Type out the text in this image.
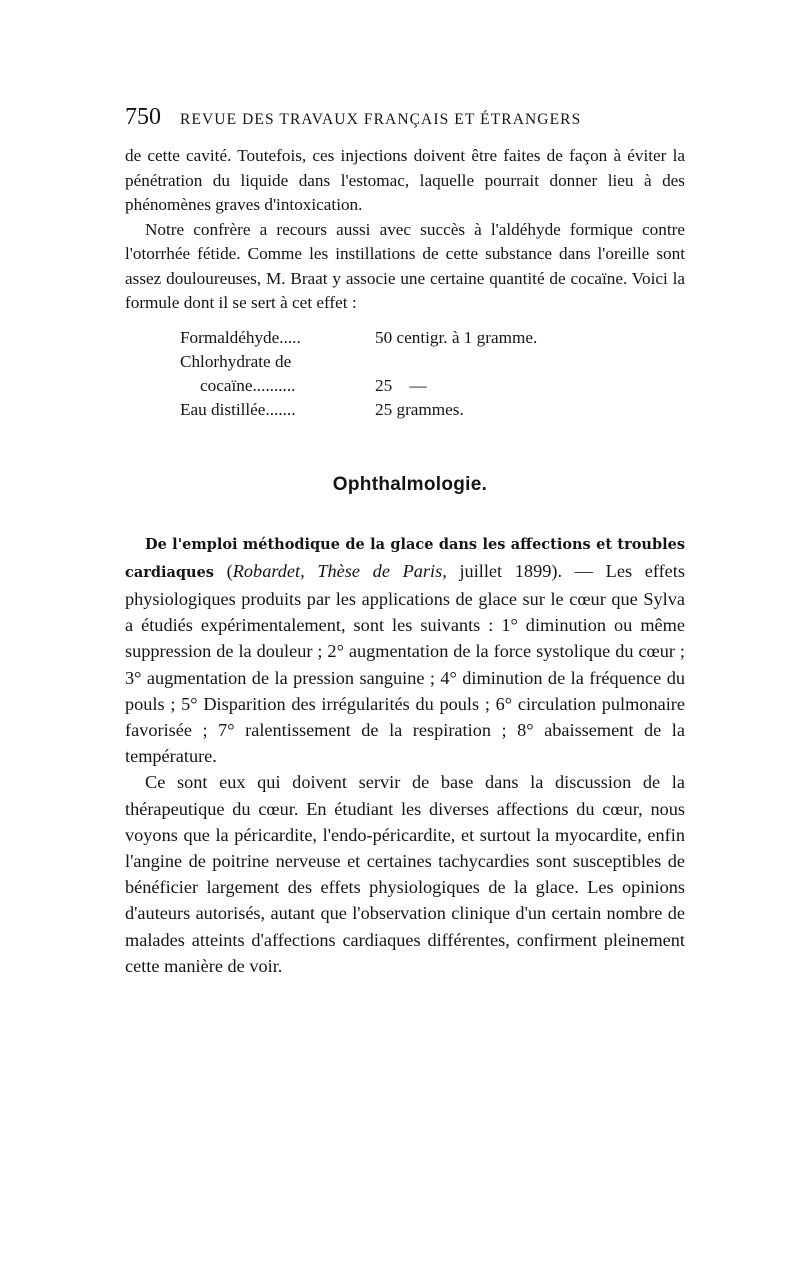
750	REVUE DES TRAVAUX FRANÇAIS ET ÉTRANGERS

de cette cavité. Toutefois, ces injections doivent être faites de façon à éviter la pénétration du liquide dans l'estomac, laquelle pourrait donner lieu à des phénomènes graves d'intoxication.

Notre confrère a recours aussi avec succès à l'aldéhyde formique contre l'otorrhée fétide. Comme les instillations de cette substance dans l'oreille sont assez douloureuses, M. Braat y associe une certaine quantité de cocaïne. Voici la formule dont il se sert à cet effet :

Formaldéhyde.....	50 centigr. à 1 gramme.
Chlorhydrate de
cocaïne..........	25    —
Eau distillée.......	25 grammes.
Ophthalmologie.

De l'emploi méthodique de la glace dans les affections et troubles cardiaques (Robardet, Thèse de Paris, juillet 1899). — Les effets physiologiques produits par les applications de glace sur le cœur que Sylva a étudiés expérimentalement, sont les suivants : 1° diminution ou même suppression de la douleur ; 2° augmentation de la force systolique du cœur ; 3° augmentation de la pression sanguine ; 4° diminution de la fréquence du pouls ; 5° Disparition des irrégularités du pouls ; 6° circulation pulmonaire favorisée ; 7° ralentissement de la respiration ; 8° abaissement de la température.

Ce sont eux qui doivent servir de base dans la discussion de la thérapeutique du cœur. En étudiant les diverses affections du cœur, nous voyons que la péricardite, l'endo-péricardite, et surtout la myocardite, enfin l'angine de poitrine nerveuse et certaines tachycardies sont susceptibles de bénéficier largement des effets physiologiques de la glace. Les opinions d'auteurs autorisés, autant que l'observation clinique d'un certain nombre de malades atteints d'affections cardiaques différentes, confirment pleinement cette manière de voir.
